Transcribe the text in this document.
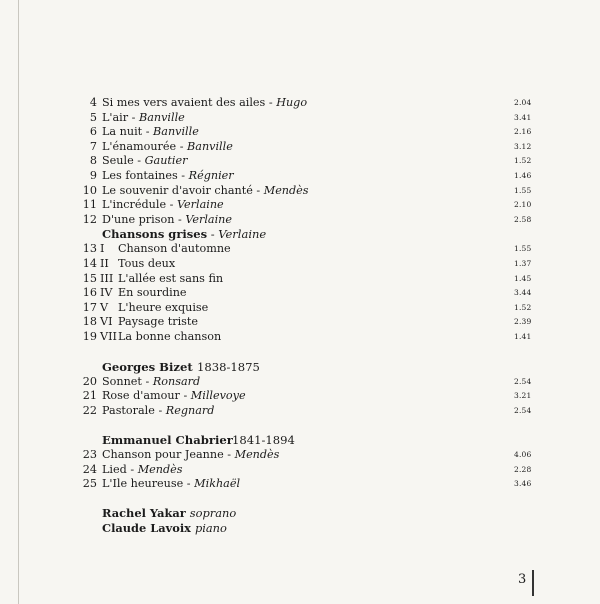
4 Si mes vers avaient des ailes - Hugo	2.04
5 L'air - Banville	3.41
6 La nuit - Banville	2.16
7 L'énamourée - Banville	3.12
8 Seule - Gautier	1.52
9 Les fontaines - Régnier	1.46
10 Le souvenir d'avoir chanté - Mendès	1.55
11 L'incrédule - Verlaine	2.10
12 D'une prison - Verlaine	2.58
Chansons grises - Verlaine
13 I Chanson d'automne	1.55
14 II Tous deux	1.37
15 III L'allée est sans fin	1.45
16 IV En sourdine	3.44
17 V L'heure exquise	1.52
18 VI Paysage triste	2.39
19 VII La bonne chanson	1.41
Georges Bizet 1838-1875
20 Sonnet - Ronsard	2.54
21 Rose d'amour - Millevoye	3.21
22 Pastorale - Regnard	2.54
Emmanuel Chabrier 1841-1894
23 Chanson pour Jeanne - Mendès	4.06
24 Lied - Mendès	2.28
25 L'Ile heureuse - Mikhaël	3.46
Rachel Yakar soprano
Claude Lavoix piano
3
